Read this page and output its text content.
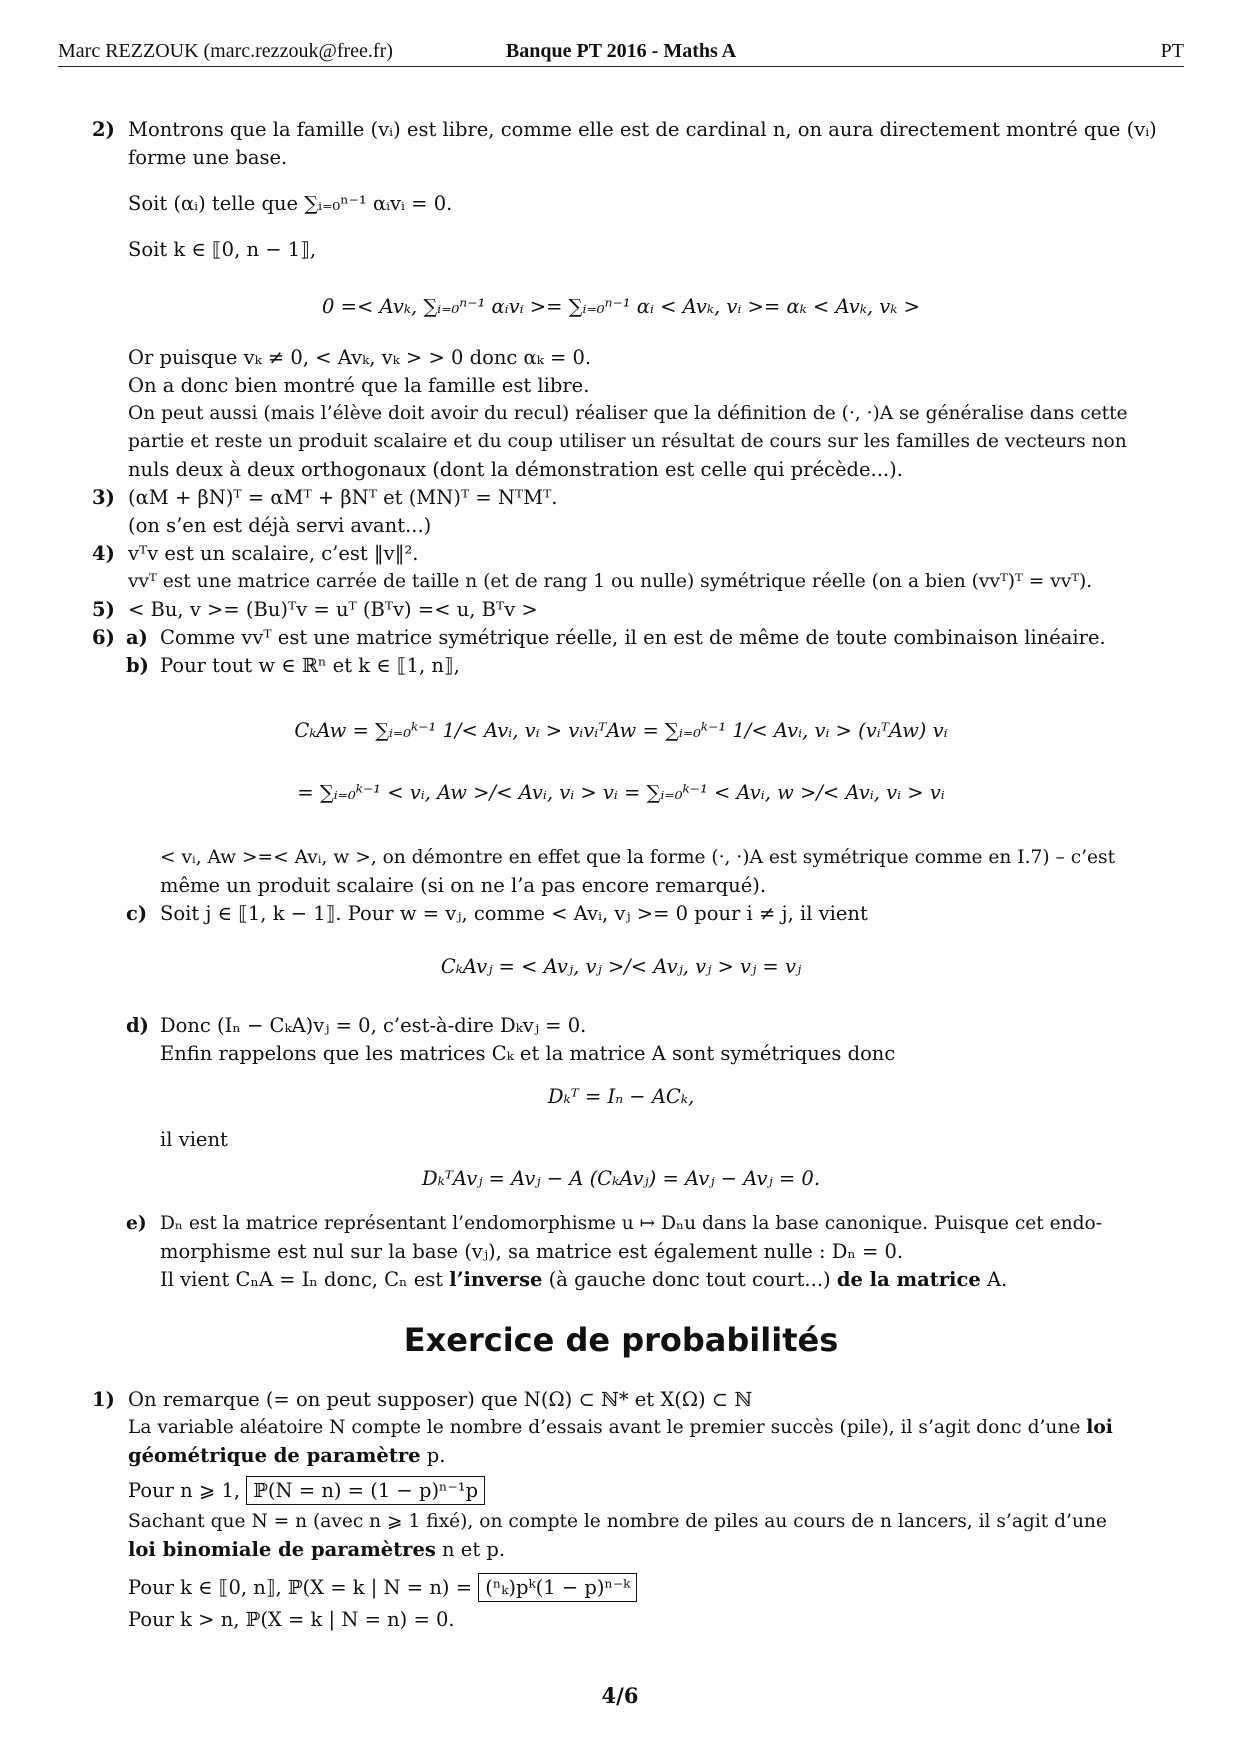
Marc REZZOUK (marc.rezzouk@free.fr)	Banque PT 2016 - Maths A	PT
2) Montrons que la famille (vᵢ) est libre, comme elle est de cardinal n, on aura directement montré que (vᵢ)
forme une base.
Soit (αᵢ) telle que ∑ᵢ₌₀ⁿ⁻¹ αᵢvᵢ = 0.
Soit k ∈ ⟦0, n − 1⟧,
0 =< Avₖ, ∑ᵢ₌₀ⁿ⁻¹ αᵢvᵢ >= ∑ᵢ₌₀ⁿ⁻¹ αᵢ < Avₖ, vᵢ >= αₖ < Avₖ, vₖ >
Or puisque vₖ ≠ 0, < Avₖ, vₖ > > 0 donc αₖ = 0.
On a donc bien montré que la famille est libre.
On peut aussi (mais l’élève doit avoir du recul) réaliser que la définition de (·, ·)A se généralise dans cette
partie et reste un produit scalaire et du coup utiliser un résultat de cours sur les familles de vecteurs non
nuls deux à deux orthogonaux (dont la démonstration est celle qui précède...).
3) (αM + βN)ᵀ = αMᵀ + βNᵀ et (MN)ᵀ = NᵀMᵀ.
(on s’en est déjà servi avant...)
4) vᵀv est un scalaire, c’est ‖v‖².
vvᵀ est une matrice carrée de taille n (et de rang 1 ou nulle) symétrique réelle (on a bien (vvᵀ)ᵀ = vvᵀ).
5) < Bu, v >= (Bu)ᵀv = uᵀ (Bᵀv) =< u, Bᵀv >
6) a) Comme vvᵀ est une matrice symétrique réelle, il en est de même de toute combinaison linéaire.
b) Pour tout w ∈ ℝⁿ et k ∈ ⟦1, n⟧,
CₖAw = ∑ᵢ₌₀ᵏ⁻¹ 1/< Avᵢ, vᵢ > vᵢvᵢᵀAw = ∑ᵢ₌₀ᵏ⁻¹ 1/< Avᵢ, vᵢ > (vᵢᵀAw) vᵢ
= ∑ᵢ₌₀ᵏ⁻¹ < vᵢ, Aw >/< Avᵢ, vᵢ > vᵢ = ∑ᵢ₌₀ᵏ⁻¹ < Avᵢ, w >/< Avᵢ, vᵢ > vᵢ
< vᵢ, Aw >=< Avᵢ, w >, on démontre en effet que la forme (·, ·)A est symétrique comme en I.7) – c’est
même un produit scalaire (si on ne l’a pas encore remarqué).
c) Soit j ∈ ⟦1, k − 1⟧. Pour w = vⱼ, comme < Avᵢ, vⱼ >= 0 pour i ≠ j, il vient
CₖAvⱼ = < Avⱼ, vⱼ >/< Avⱼ, vⱼ > vⱼ = vⱼ
d) Donc (Iₙ − CₖA)vⱼ = 0, c’est-à-dire Dₖvⱼ = 0.
Enfin rappelons que les matrices Cₖ et la matrice A sont symétriques donc
Dₖᵀ = Iₙ − ACₖ,
il vient
DₖᵀAvⱼ = Avⱼ − A (CₖAvⱼ) = Avⱼ − Avⱼ = 0.
e) Dₙ est la matrice représentant l’endomorphisme u ↦ Dₙu dans la base canonique. Puisque cet endo-
morphisme est nul sur la base (vⱼ), sa matrice est également nulle : Dₙ = 0.
Il vient CₙA = Iₙ donc, Cₙ est l’inverse (à gauche donc tout court...) de la matrice A.
Exercice de probabilités
1) On remarque (= on peut supposer) que N(Ω) ⊂ ℕ* et X(Ω) ⊂ ℕ
La variable aléatoire N compte le nombre d’essais avant le premier succès (pile), il s’agit donc d’une loi
géométrique de paramètre p.
Pour n ⩾ 1, ℙ(N = n) = (1 − p)ⁿ⁻¹p
Sachant que N = n (avec n ⩾ 1 fixé), on compte le nombre de piles au cours de n lancers, il s’agit d’une
loi binomiale de paramètres n et p.
Pour k ∈ ⟦0, n⟧, ℙ(X = k | N = n) = (ⁿₖ)pᵏ(1 − p)ⁿ⁻ᵏ
Pour k > n, ℙ(X = k | N = n) = 0.
4/6
